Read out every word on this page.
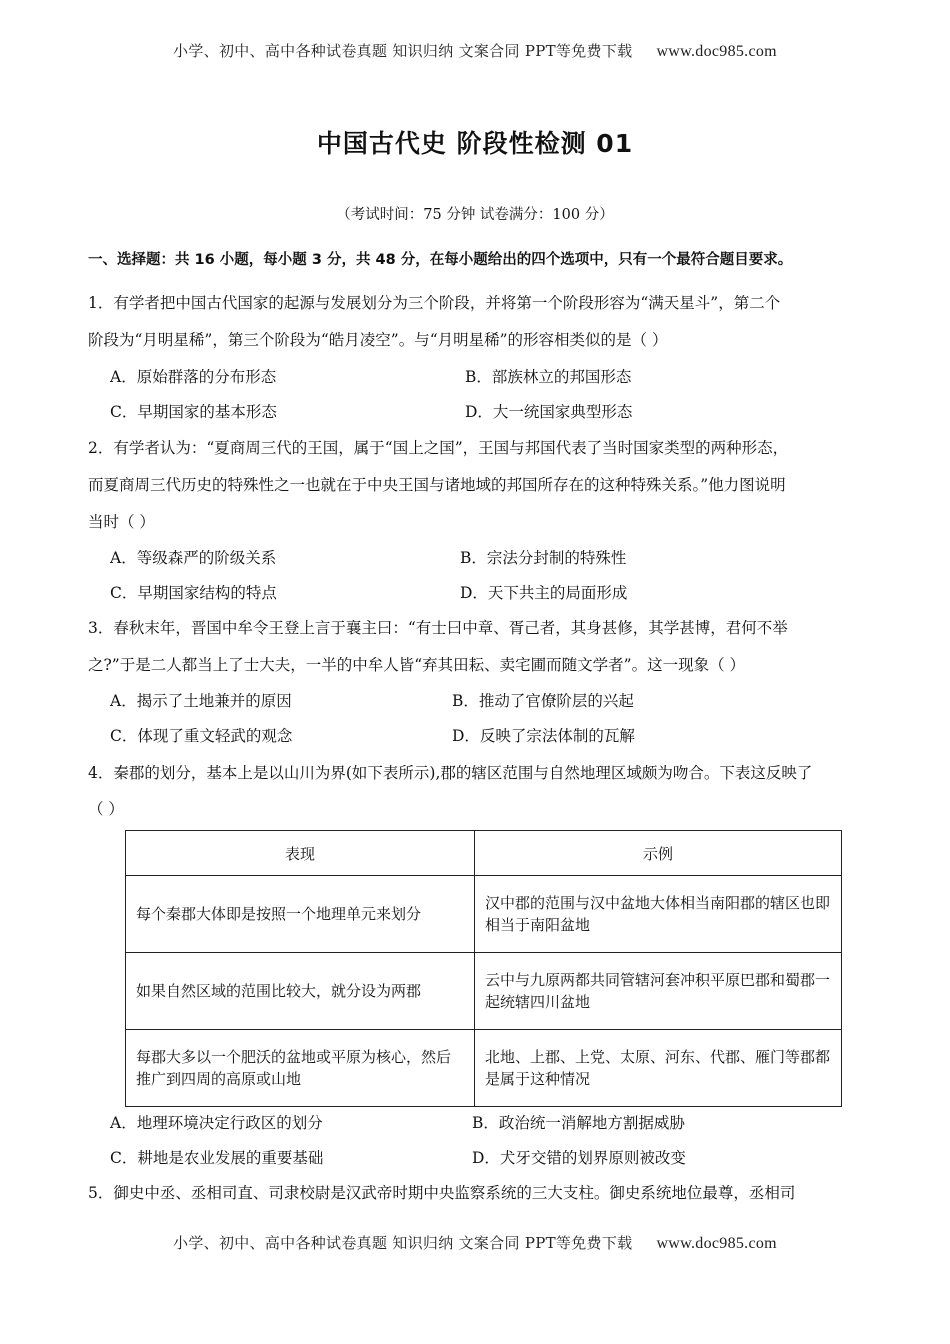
小学、初中、高中各种试卷真题 知识归纳 文案合同 PPT等免费下载 www.doc985.com
中国古代史 阶段性检测 01
（考试时间：75 分钟 试卷满分：100 分）
一、选择题：共 16 小题，每小题 3 分，共 48 分，在每小题给出的四个选项中，只有一个最符合题目要求。
1．有学者把中国古代国家的起源与发展划分为三个阶段，并将第一个阶段形容为“满天星斗”，第二个
阶段为“月明星稀”，第三个阶段为“皓月凌空”。与“月明星稀”的形容相类似的是（ ）
A．原始群落的分布形态	B．部族林立的邦国形态
C．早期国家的基本形态	D．大一统国家典型形态
2．有学者认为：“夏商周三代的王国，属于“国上之国”，王国与邦国代表了当时国家类型的两种形态，
而夏商周三代历史的特殊性之一也就在于中央王国与诸地域的邦国所存在的这种特殊关系。”他力图说明
当时（ ）
A．等级森严的阶级关系	B．宗法分封制的特殊性
C．早期国家结构的特点	D．天下共主的局面形成
3．春秋末年，晋国中牟令王登上言于襄主曰：“有士曰中章、胥己者，其身甚修，其学甚博，君何不举
之?”于是二人都当上了士大夫，一半的中牟人皆“弃其田耘、卖宅圃而随文学者”。这一现象（ ）
A．揭示了土地兼并的原因	B．推动了官僚阶层的兴起
C．体现了重文轻武的观念	D．反映了宗法体制的瓦解
4．秦郡的划分，基本上是以山川为界(如下表所示),郡的辖区范围与自然地理区域颇为吻合。下表这反映了
（ ）
表现	示例
每个秦郡大体即是按照一个地理单元来划分	汉中郡的范围与汉中盆地大体相当南阳郡的辖区也即相当于南阳盆地
如果自然区域的范围比较大，就分设为两郡	云中与九原两都共同管辖河套冲积平原巴郡和蜀郡一起统辖四川盆地
每郡大多以一个肥沃的盆地或平原为核心，然后推广到四周的高原或山地	北地、上郡、上党、太原、河东、代郡、雁门等郡都是属于这种情况
A．地理环境决定行政区的划分	B．政治统一消解地方割据威胁
C．耕地是农业发展的重要基础	D．犬牙交错的划界原则被改变
5．御史中丞、丞相司直、司隶校尉是汉武帝时期中央监察系统的三大支柱。御史系统地位最尊，丞相司
小学、初中、高中各种试卷真题 知识归纳 文案合同 PPT等免费下载 www.doc985.com
